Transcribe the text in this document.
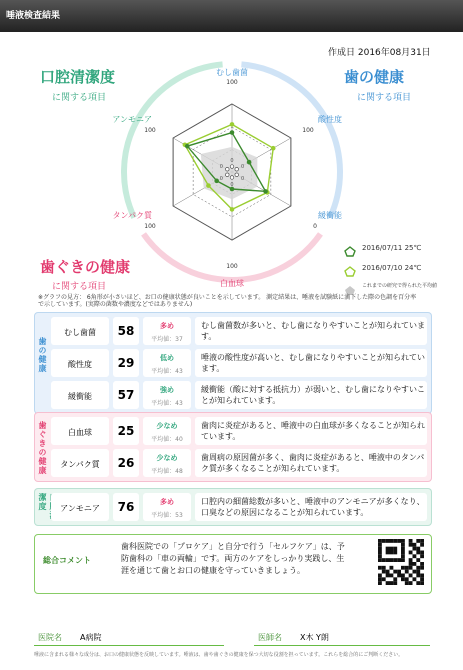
唾液検査結果
作成日 2016年08月31日
口腔清潔度
に関する項目
歯の健康
に関する項目
歯ぐきの健康
に関する項目
むし歯菌
100
酸性度
100
緩衝能
0
白血球
100
タンパク質
100
アンモニア
100
0
0
0
0
0
0
2016/07/11 25℃
2016/07/10 24℃
これまでの研究で得られた平均値
※グラフの見方： 6角形が小さいほど、お口の健康状態が良いことを示しています。 測定結果は、唾液を試験紙に滴下した際の色調を百分率で示しています。(実際の菌数や濃度などではありません)
歯の健康
むし歯菌	58	多め
平均値：37
むし歯菌数が多いと、むし歯になりやすいことが知られています。
酸性度	29	低め
平均値：43
唾液の酸性度が高いと、むし歯になりやすいことが知られています。
緩衝能	57	強め
平均値：43
緩衝能（酸に対する抵抗力）が弱いと、むし歯になりやすいことが知られています。
歯ぐきの健康	白血球	25	少なめ
平均値：40
歯肉に炎症があると、唾液中の白血球が多くなることが知られています。
タンパク質	26	少なめ
平均値：48
歯周病の原因菌が多く、歯肉に炎症があると、唾液中のタンパク質が多くなることが知られています。
潔度	アンモニア	76	多め
平均値：53
口腔内の細菌総数が多いと、唾液中のアンモニアが多くなり、口臭などの原因になることが知られています。
総合コメント
歯科医院での「プロケア」と自分で行う「セルフケア」は、予防歯科の「車の両輪」です。両方のケアをしっかり実践し、生涯を通じて歯とお口の健康を守っていきましょう。
医院名 A病院	医師名 X木 Y朗
唾液に含まれる様々な成分は、お口の健康状態を反映しています。唾液は、歯や歯ぐきの健康を保つ大切な役割を担っています。これらを総合的にご判断ください。
